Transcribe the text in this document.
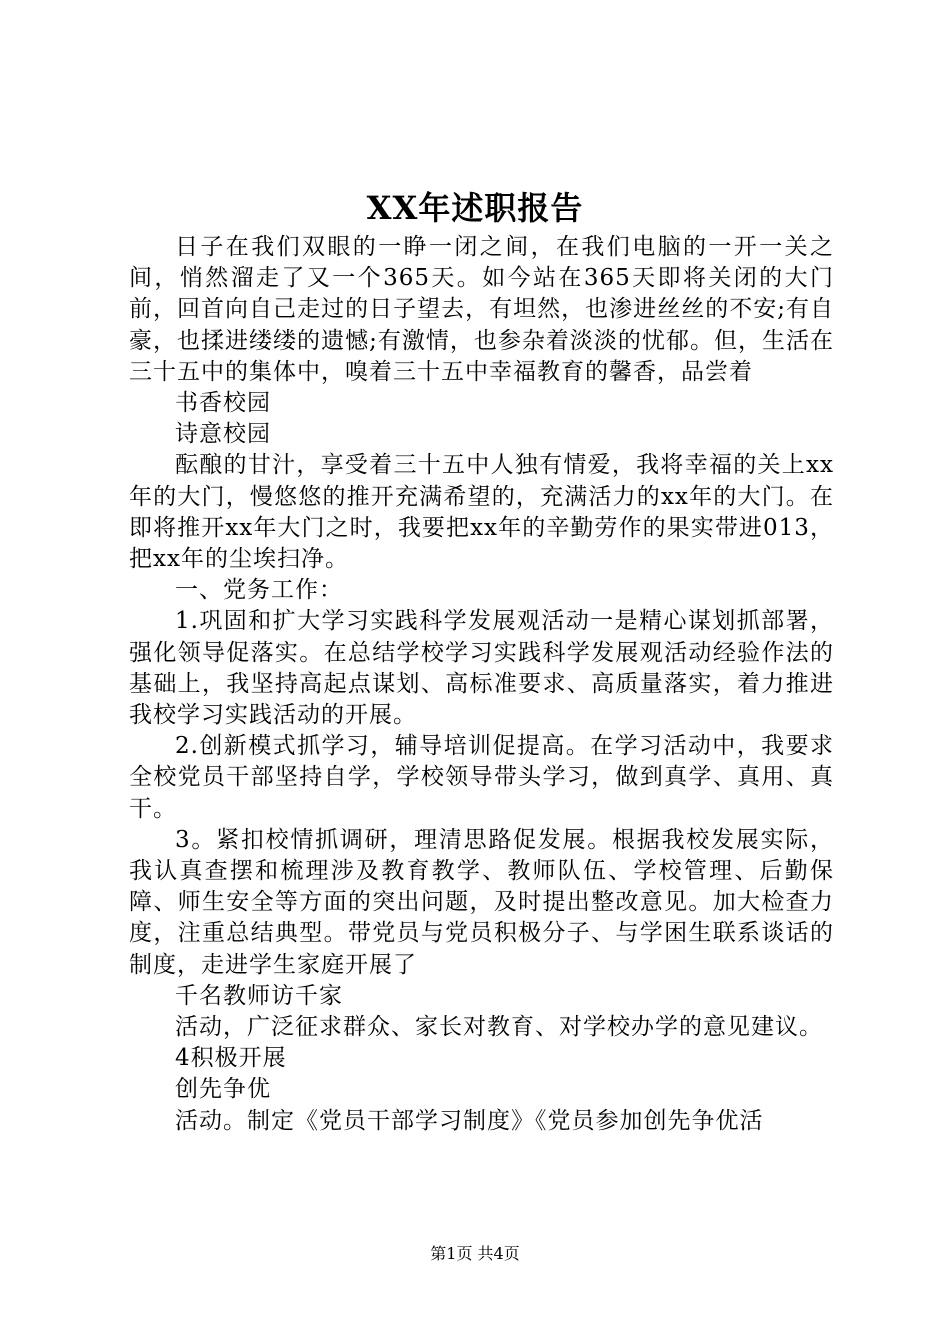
XX年述职报告

日子在我们双眼的一睁一闭之间，在我们电脑的一开一关之间，悄然溜走了又一个365天。如今站在365天即将关闭的大门前，回首向自己走过的日子望去，有坦然，也渗进丝丝的不安;有自豪，也揉进缕缕的遗憾;有激情，也参杂着淡淡的忧郁。但，生活在三十五中的集体中，嗅着三十五中幸福教育的馨香，品尝着

书香校园

诗意校园

酝酿的甘汁，享受着三十五中人独有情爱，我将幸福的关上xx年的大门，慢悠悠的推开充满希望的，充满活力的xx年的大门。在即将推开xx年大门之时，我要把xx年的辛勤劳作的果实带进013，把xx年的尘埃扫净。

一、党务工作：

1.巩固和扩大学习实践科学发展观活动一是精心谋划抓部署，强化领导促落实。在总结学校学习实践科学发展观活动经验作法的基础上，我坚持高起点谋划、高标准要求、高质量落实，着力推进我校学习实践活动的开展。

2.创新模式抓学习，辅导培训促提高。在学习活动中，我要求全校党员干部坚持自学，学校领导带头学习，做到真学、真用、真干。

3。紧扣校情抓调研，理清思路促发展。根据我校发展实际，我认真查摆和梳理涉及教育教学、教师队伍、学校管理、后勤保障、师生安全等方面的突出问题，及时提出整改意见。加大检查力度，注重总结典型。带党员与党员积极分子、与学困生联系谈话的制度，走进学生家庭开展了

千名教师访千家

活动，广泛征求群众、家长对教育、对学校办学的意见建议。

4积极开展

创先争优

活动。制定《党员干部学习制度》《党员参加创先争优活

第1页 共4页
